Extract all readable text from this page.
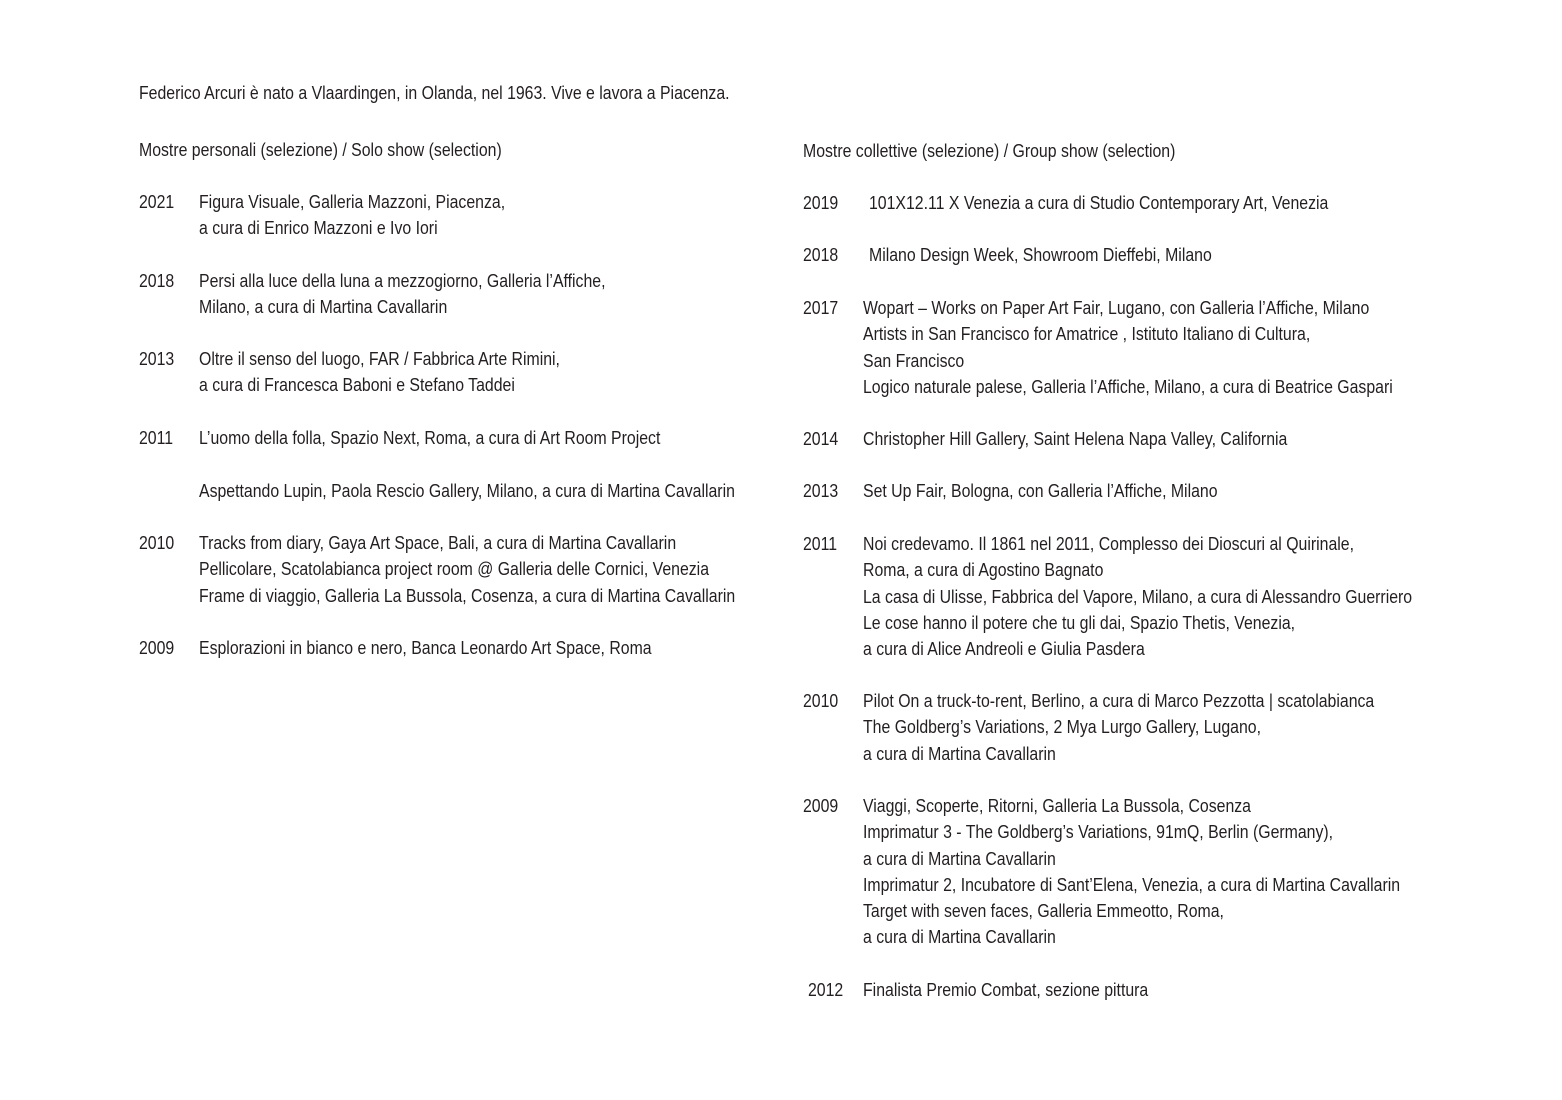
Federico Arcuri è nato a Vlaardingen, in Olanda, nel 1963. Vive e lavora a Piacenza.
Mostre personali (selezione) / Solo show (selection)	Mostre collettive (selezione) / Group show (selection)
2021 Figura Visuale, Galleria Mazzoni, Piacenza,
a cura di Enrico Mazzoni e Ivo Iori
2018 Persi alla luce della luna a mezzogiorno, Galleria l’Affiche,
Milano, a cura di Martina Cavallarin
2013 Oltre il senso del luogo, FAR / Fabbrica Arte Rimini,
a cura di Francesca Baboni e Stefano Taddei
2011 L’uomo della folla, Spazio Next, Roma, a cura di Art Room Project
Aspettando Lupin, Paola Rescio Gallery, Milano, a cura di Martina Cavallarin
2010 Tracks from diary, Gaya Art Space, Bali, a cura di Martina Cavallarin
Pellicolare, Scatolabianca project room @ Galleria delle Cornici, Venezia
Frame di viaggio, Galleria La Bussola, Cosenza, a cura di Martina Cavallarin
2009 Esplorazioni in bianco e nero, Banca Leonardo Art Space, Roma
2019 101X12.11 X Venezia a cura di Studio Contemporary Art, Venezia
2018 Milano Design Week, Showroom Dieffebi, Milano
2017 Wopart – Works on Paper Art Fair, Lugano, con Galleria l’Affiche, Milano
Artists in San Francisco for Amatrice , Istituto Italiano di Cultura,
San Francisco
Logico naturale palese, Galleria l’Affiche, Milano, a cura di Beatrice Gaspari
2014 Christopher Hill Gallery, Saint Helena Napa Valley, California
2013 Set Up Fair, Bologna, con Galleria l’Affiche, Milano
2011 Noi credevamo. Il 1861 nel 2011, Complesso dei Dioscuri al Quirinale,
Roma, a cura di Agostino Bagnato
La casa di Ulisse, Fabbrica del Vapore, Milano, a cura di Alessandro Guerriero
Le cose hanno il potere che tu gli dai, Spazio Thetis, Venezia,
a cura di Alice Andreoli e Giulia Pasdera
2010 Pilot On a truck-to-rent, Berlino, a cura di Marco Pezzotta | scatolabianca
The Goldberg’s Variations, 2 Mya Lurgo Gallery, Lugano,
a cura di Martina Cavallarin
2009 Viaggi, Scoperte, Ritorni, Galleria La Bussola, Cosenza
Imprimatur 3 - The Goldberg’s Variations, 91mQ, Berlin (Germany),
a cura di Martina Cavallarin
Imprimatur 2, Incubatore di Sant’Elena, Venezia, a cura di Martina Cavallarin
Target with seven faces, Galleria Emmeotto, Roma,
a cura di Martina Cavallarin
2012 Finalista Premio Combat, sezione pittura
